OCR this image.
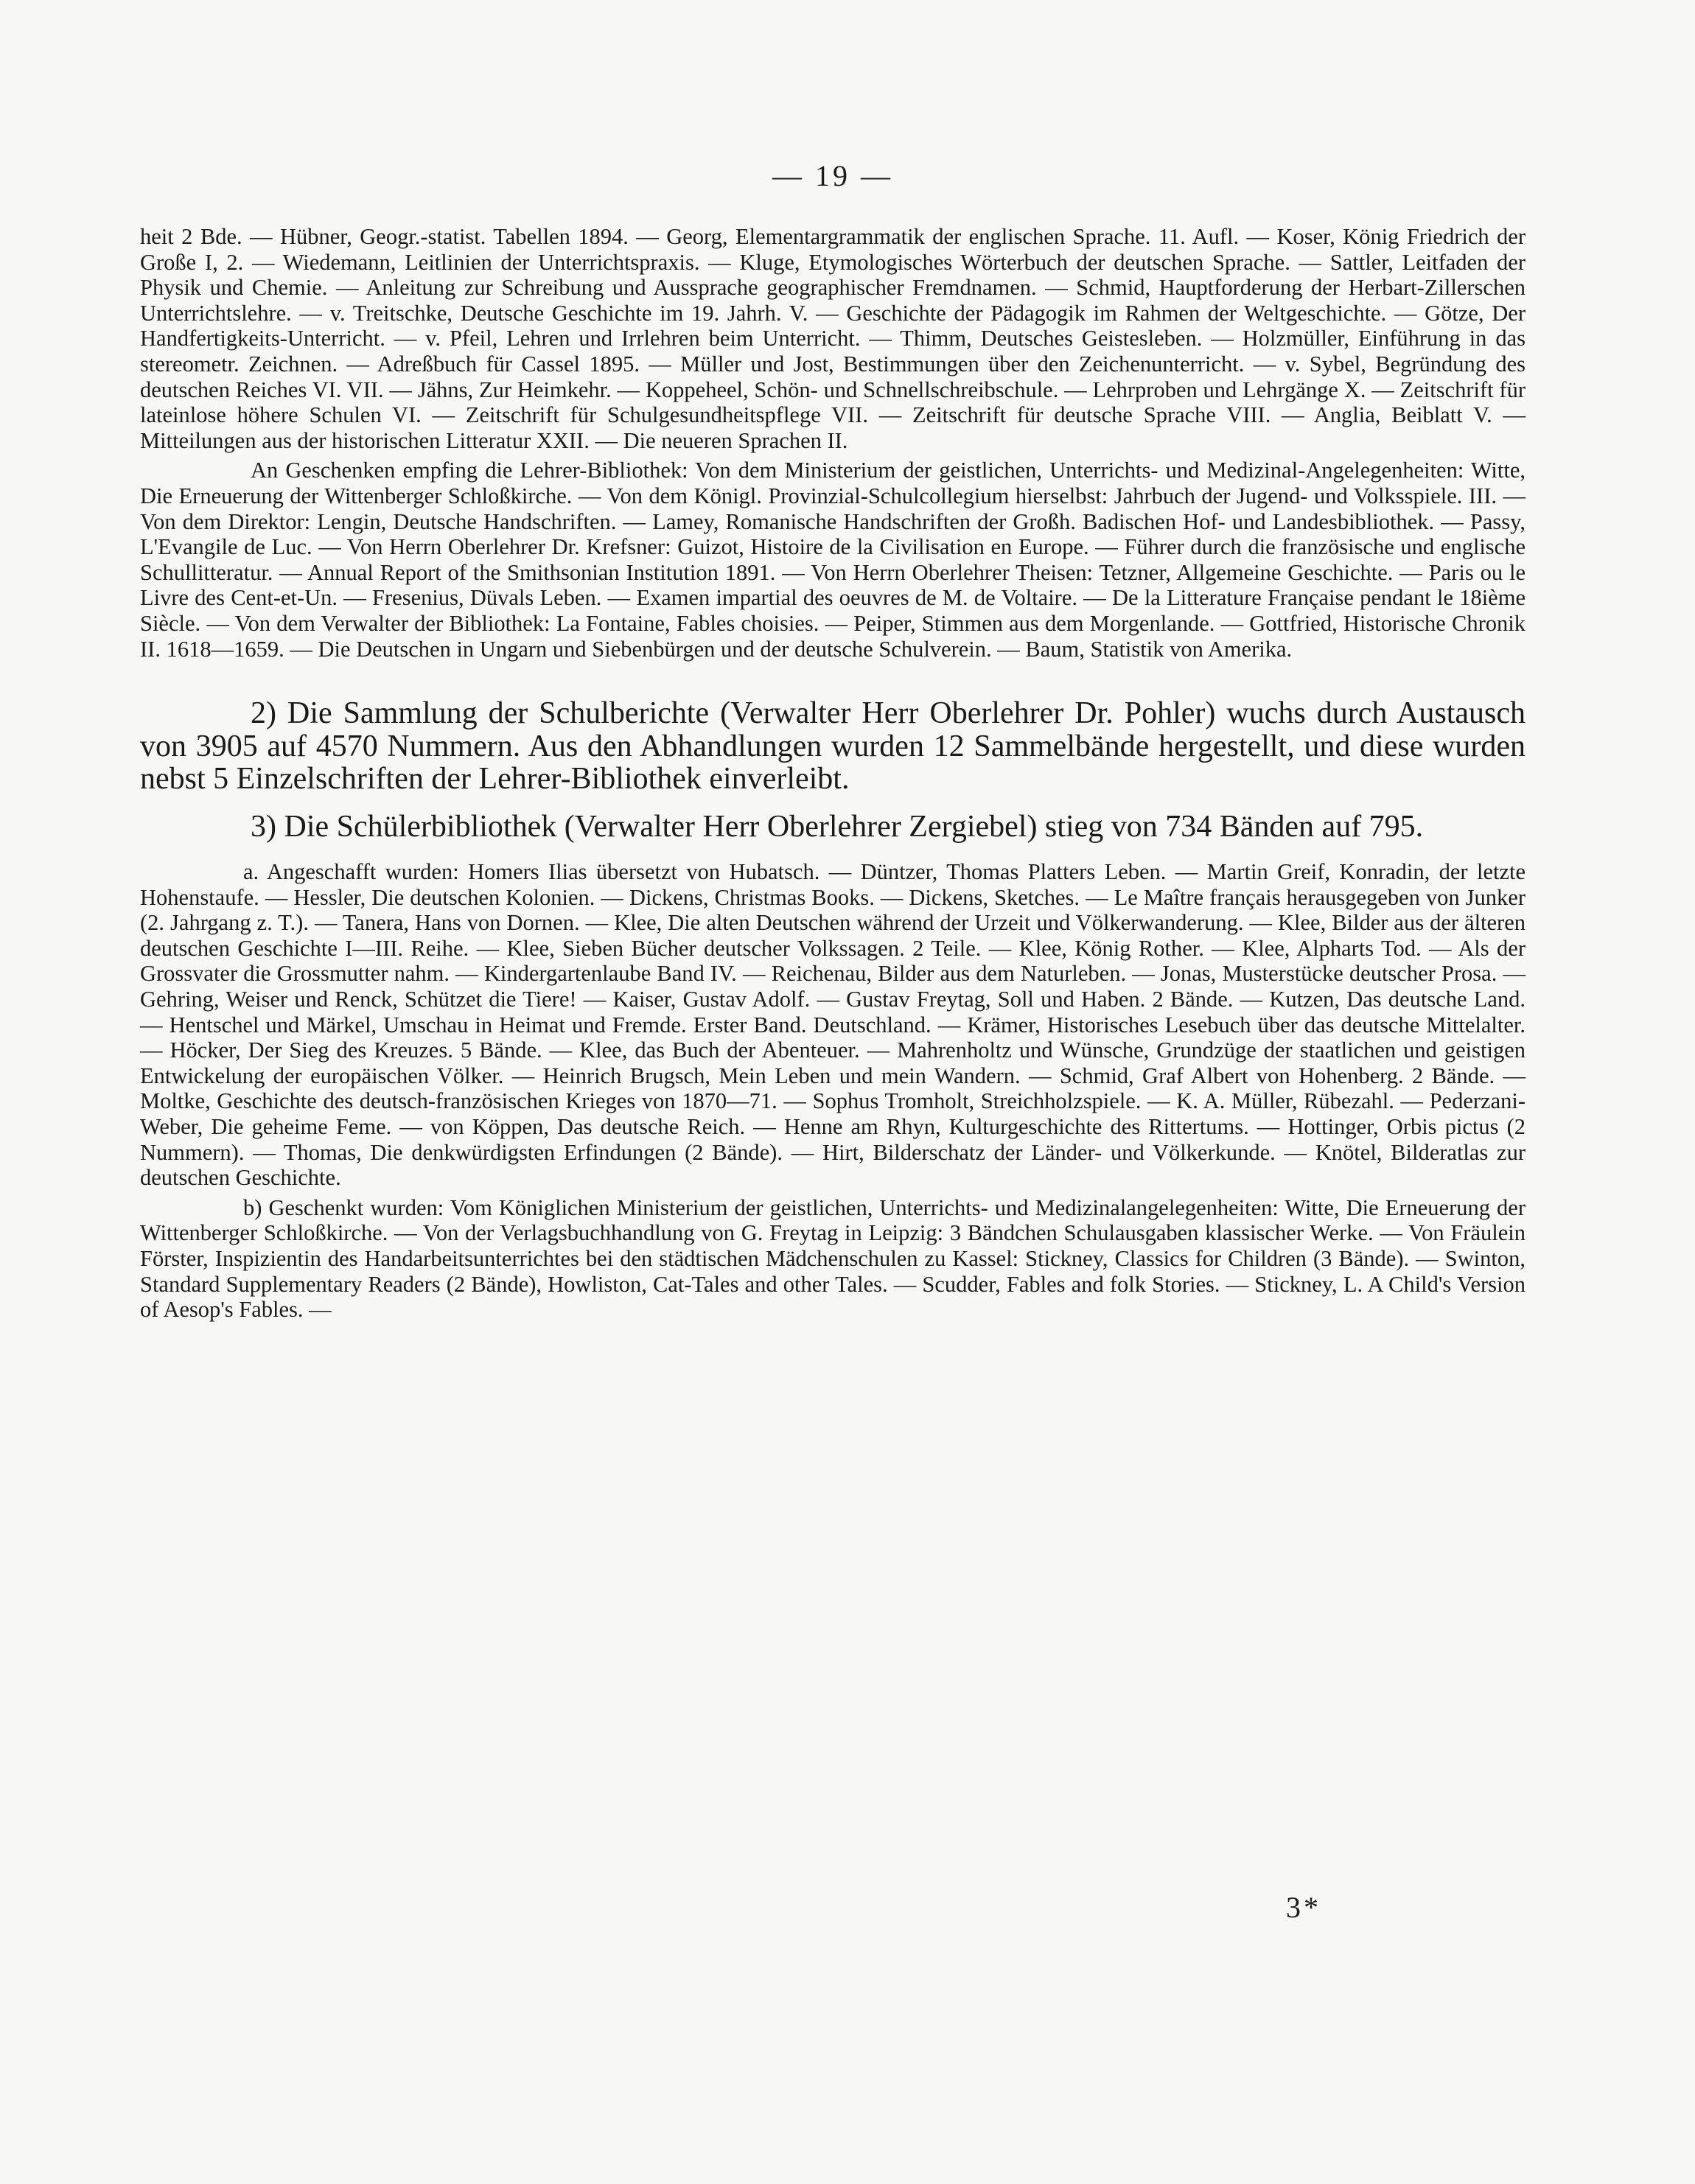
— 19 —

heit 2 Bde. — Hübner, Geogr.-statist. Tabellen 1894. — Georg, Elementargrammatik der englischen Sprache. 11. Aufl. — Koser, König Friedrich der Große I, 2. — Wiedemann, Leitlinien der Unterrichtspraxis. — Kluge, Etymologisches Wörterbuch der deutschen Sprache. — Sattler, Leitfaden der Physik und Chemie. — Anleitung zur Schreibung und Aussprache geographischer Fremdnamen. — Schmid, Hauptforderung der Herbart-Zillerschen Unterrichtslehre. — v. Treitschke, Deutsche Geschichte im 19. Jahrh. V. — Geschichte der Pädagogik im Rahmen der Weltgeschichte. — Götze, Der Handfertigkeits-Unterricht. — v. Pfeil, Lehren und Irrlehren beim Unterricht. — Thimm, Deutsches Geistesleben. — Holzmüller, Einführung in das stereometr. Zeichnen. — Adreßbuch für Cassel 1895. — Müller und Jost, Bestimmungen über den Zeichenunterricht. — v. Sybel, Begründung des deutschen Reiches VI. VII. — Jähns, Zur Heimkehr. — Koppeheel, Schön- und Schnellschreibschule. — Lehrproben und Lehrgänge X. — Zeitschrift für lateinlose höhere Schulen VI. — Zeitschrift für Schulgesundheitspflege VII. — Zeitschrift für deutsche Sprache VIII. — Anglia, Beiblatt V. — Mitteilungen aus der historischen Litteratur XXII. — Die neueren Sprachen II.

An Geschenken empfing die Lehrer-Bibliothek: Von dem Ministerium der geistlichen, Unterrichts- und Medizinal-Angelegenheiten: Witte, Die Erneuerung der Wittenberger Schloßkirche. — Von dem Königl. Provinzial-Schulcollegium hierselbst: Jahrbuch der Jugend- und Volksspiele. III. — Von dem Direktor: Lengin, Deutsche Handschriften. — Lamey, Romanische Handschriften der Großh. Badischen Hof- und Landesbibliothek. — Passy, L'Evangile de Luc. — Von Herrn Oberlehrer Dr. Krefsner: Guizot, Histoire de la Civilisation en Europe. — Führer durch die französische und englische Schullitteratur. — Annual Report of the Smithsonian Institution 1891. — Von Herrn Oberlehrer Theisen: Tetzner, Allgemeine Geschichte. — Paris ou le Livre des Cent-et-Un. — Fresenius, Düvals Leben. — Examen impartial des oeuvres de M. de Voltaire. — De la Litterature Française pendant le 18ième Siècle. — Von dem Verwalter der Bibliothek: La Fontaine, Fables choisies. — Peiper, Stimmen aus dem Morgenlande. — Gottfried, Historische Chronik II. 1618—1659. — Die Deutschen in Ungarn und Siebenbürgen und der deutsche Schulverein. — Baum, Statistik von Amerika.

2) Die Sammlung der Schulberichte (Verwalter Herr Oberlehrer Dr. Pohler) wuchs durch Austausch von 3905 auf 4570 Nummern. Aus den Abhandlungen wurden 12 Sammelbände hergestellt, und diese wurden nebst 5 Einzelschriften der Lehrer-Bibliothek einverleibt.

3) Die Schülerbibliothek (Verwalter Herr Oberlehrer Zergiebel) stieg von 734 Bänden auf 795.

a. Angeschafft wurden: Homers Ilias übersetzt von Hubatsch. — Düntzer, Thomas Platters Leben. — Martin Greif, Konradin, der letzte Hohenstaufe. — Hessler, Die deutschen Kolonien. — Dickens, Christmas Books. — Dickens, Sketches. — Le Maître français herausgegeben von Junker (2. Jahrgang z. T.). — Tanera, Hans von Dornen. — Klee, Die alten Deutschen während der Urzeit und Völkerwanderung. — Klee, Bilder aus der älteren deutschen Geschichte I—III. Reihe. — Klee, Sieben Bücher deutscher Volkssagen. 2 Teile. — Klee, König Rother. — Klee, Alpharts Tod. — Als der Grossvater die Grossmutter nahm. — Kindergartenlaube Band IV. — Reichenau, Bilder aus dem Naturleben. — Jonas, Musterstücke deutscher Prosa. — Gehring, Weiser und Renck, Schützet die Tiere! — Kaiser, Gustav Adolf. — Gustav Freytag, Soll und Haben. 2 Bände. — Kutzen, Das deutsche Land. — Hentschel und Märkel, Umschau in Heimat und Fremde. Erster Band. Deutschland. — Krämer, Historisches Lesebuch über das deutsche Mittelalter. — Höcker, Der Sieg des Kreuzes. 5 Bände. — Klee, das Buch der Abenteuer. — Mahrenholtz und Wünsche, Grundzüge der staatlichen und geistigen Entwickelung der europäischen Völker. — Heinrich Brugsch, Mein Leben und mein Wandern. — Schmid, Graf Albert von Hohenberg. 2 Bände. — Moltke, Geschichte des deutsch-französischen Krieges von 1870—71. — Sophus Tromholt, Streichholzspiele. — K. A. Müller, Rübezahl. — Pederzani-Weber, Die geheime Feme. — von Köppen, Das deutsche Reich. — Henne am Rhyn, Kulturgeschichte des Rittertums. — Hottinger, Orbis pictus (2 Nummern). — Thomas, Die denkwürdigsten Erfindungen (2 Bände). — Hirt, Bilderschatz der Länder- und Völkerkunde. — Knötel, Bilderatlas zur deutschen Geschichte.

b) Geschenkt wurden: Vom Königlichen Ministerium der geistlichen, Unterrichts- und Medizinalangelegenheiten: Witte, Die Erneuerung der Wittenberger Schloßkirche. — Von der Verlagsbuchhandlung von G. Freytag in Leipzig: 3 Bändchen Schulausgaben klassischer Werke. — Von Fräulein Förster, Inspizientin des Handarbeitsunterrichtes bei den städtischen Mädchenschulen zu Kassel: Stickney, Classics for Children (3 Bände). — Swinton, Standard Supplementary Readers (2 Bände), Howliston, Cat-Tales and other Tales. — Scudder, Fables and folk Stories. — Stickney, L. A Child's Version of Aesop's Fables. —

3*
